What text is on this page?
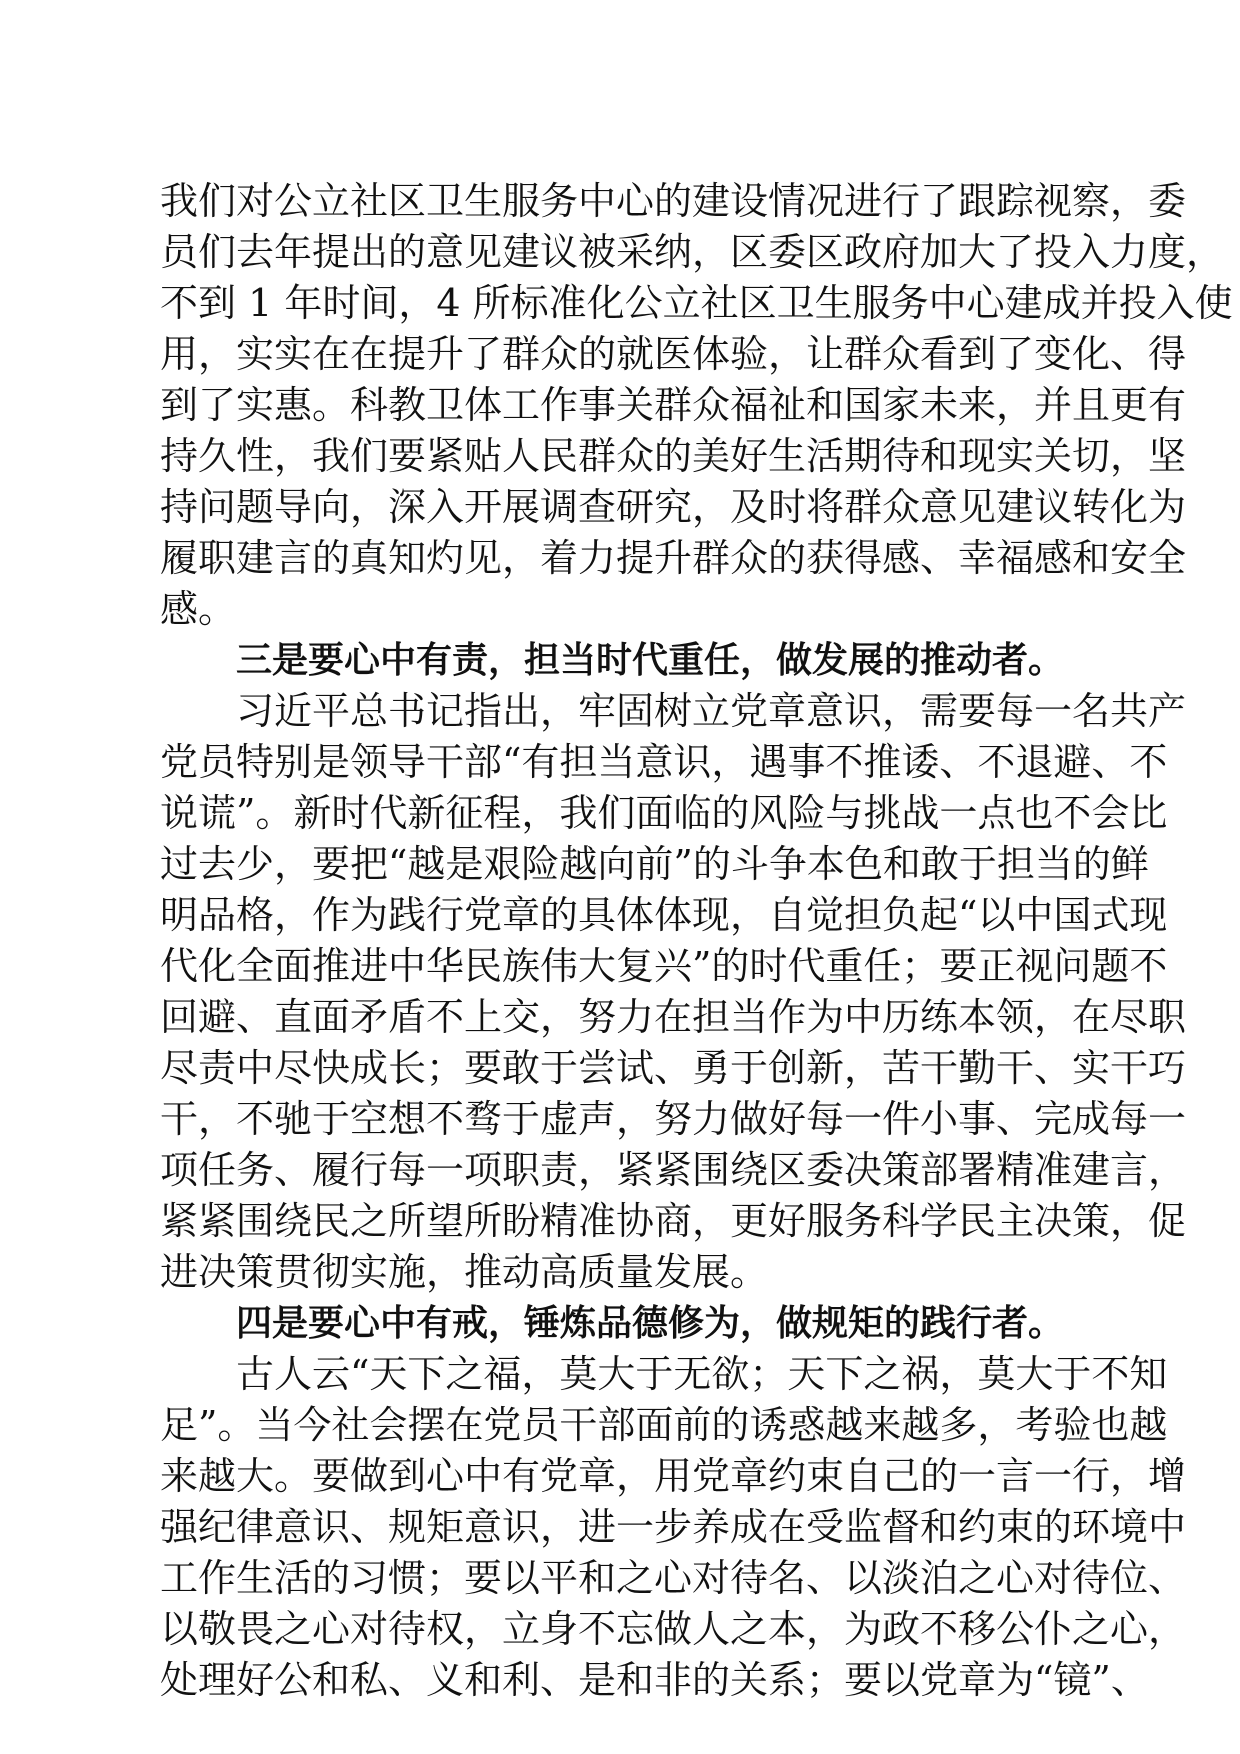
我们对公立社区卫生服务中心的建设情况进行了跟踪视察，委
员们去年提出的意见建议被采纳，区委区政府加大了投入力度，
不到 1 年时间，4 所标准化公立社区卫生服务中心建成并投入使
用，实实在在提升了群众的就医体验，让群众看到了变化、得
到了实惠。科教卫体工作事关群众福祉和国家未来，并且更有
持久性，我们要紧贴人民群众的美好生活期待和现实关切，坚
持问题导向，深入开展调查研究，及时将群众意见建议转化为
履职建言的真知灼见，着力提升群众的获得感、幸福感和安全
感。
三是要心中有责，担当时代重任，做发展的推动者。
习近平总书记指出，牢固树立党章意识，需要每一名共产
党员特别是领导干部“有担当意识，遇事不推诿、不退避、不
说谎”。新时代新征程，我们面临的风险与挑战一点也不会比
过去少，要把“越是艰险越向前”的斗争本色和敢于担当的鲜
明品格，作为践行党章的具体体现，自觉担负起“以中国式现
代化全面推进中华民族伟大复兴”的时代重任；要正视问题不
回避、直面矛盾不上交，努力在担当作为中历练本领，在尽职
尽责中尽快成长；要敢于尝试、勇于创新，苦干勤干、实干巧
干，不驰于空想不骛于虚声，努力做好每一件小事、完成每一
项任务、履行每一项职责，紧紧围绕区委决策部署精准建言，
紧紧围绕民之所望所盼精准协商，更好服务科学民主决策，促
进决策贯彻实施，推动高质量发展。
四是要心中有戒，锤炼品德修为，做规矩的践行者。
古人云“天下之福，莫大于无欲；天下之祸，莫大于不知
足”。当今社会摆在党员干部面前的诱惑越来越多，考验也越
来越大。要做到心中有党章，用党章约束自己的一言一行，增
强纪律意识、规矩意识，进一步养成在受监督和约束的环境中
工作生活的习惯；要以平和之心对待名、以淡泊之心对待位、
以敬畏之心对待权，立身不忘做人之本，为政不移公仆之心，
处理好公和私、义和利、是和非的关系；要以党章为“镜”、
